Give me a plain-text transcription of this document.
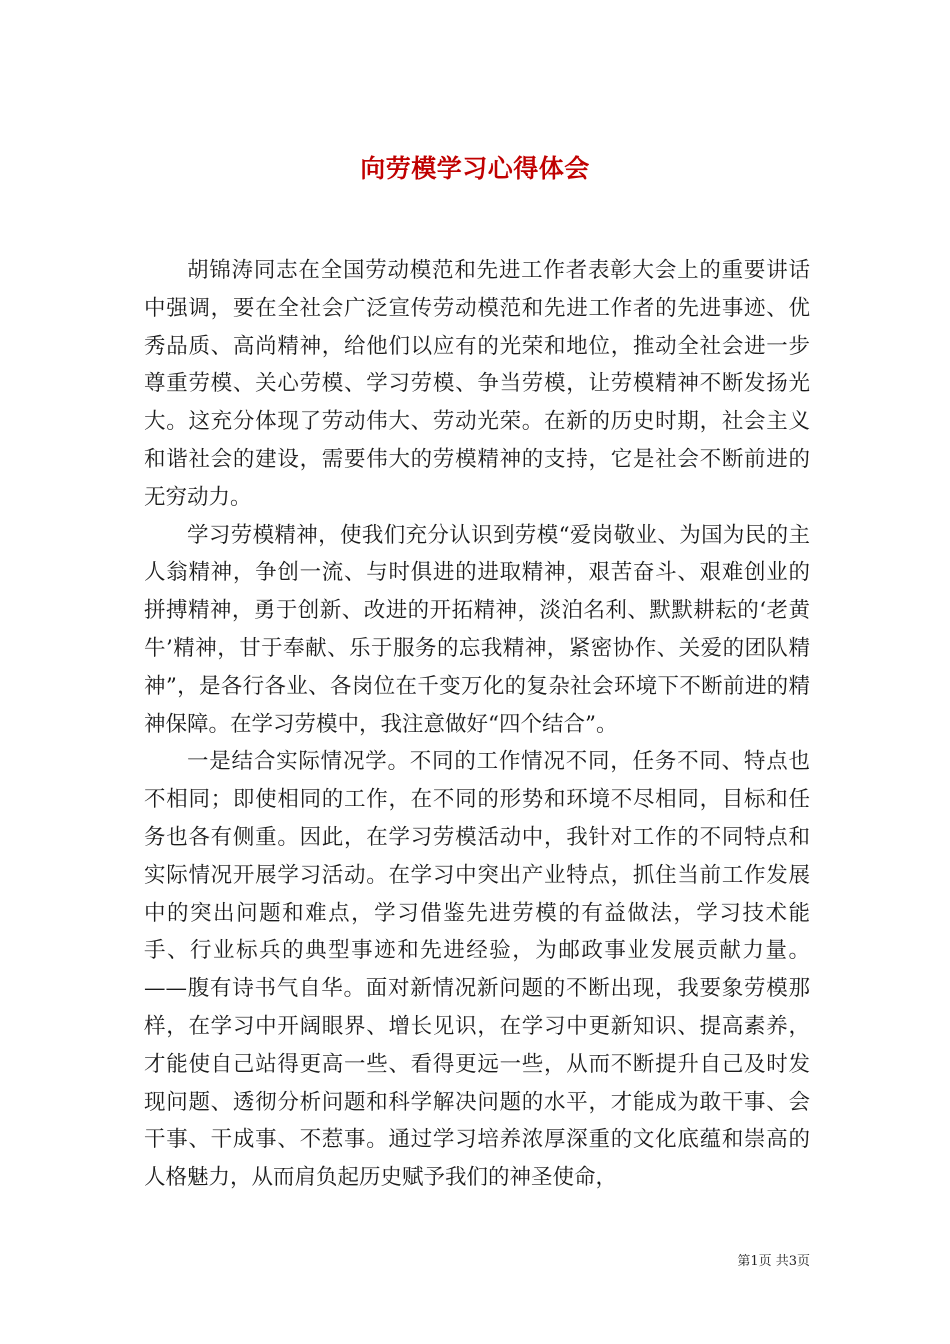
向劳模学习心得体会

胡锦涛同志在全国劳动模范和先进工作者表彰大会上的重要讲话中强调，要在全社会广泛宣传劳动模范和先进工作者的先进事迹、优秀品质、高尚精神，给他们以应有的光荣和地位，推动全社会进一步尊重劳模、关心劳模、学习劳模、争当劳模，让劳模精神不断发扬光大。这充分体现了劳动伟大、劳动光荣。在新的历史时期，社会主义和谐社会的建设，需要伟大的劳模精神的支持，它是社会不断前进的无穷动力。

学习劳模精神，使我们充分认识到劳模“爱岗敬业、为国为民的主人翁精神，争创一流、与时俱进的进取精神，艰苦奋斗、艰难创业的拼搏精神，勇于创新、改进的开拓精神，淡泊名利、默默耕耘的‘老黄牛’精神，甘于奉献、乐于服务的忘我精神，紧密协作、关爱的团队精神”，是各行各业、各岗位在千变万化的复杂社会环境下不断前进的精神保障。在学习劳模中，我注意做好“四个结合”。

一是结合实际情况学。不同的工作情况不同，任务不同、特点也不相同；即使相同的工作，在不同的形势和环境不尽相同，目标和任务也各有侧重。因此，在学习劳模活动中，我针对工作的不同特点和实际情况开展学习活动。在学习中突出产业特点，抓住当前工作发展中的突出问题和难点，学习借鉴先进劳模的有益做法，学习技术能手、行业标兵的典型事迹和先进经验，为邮政事业发展贡献力量。——腹有诗书气自华。面对新情况新问题的不断出现，我要象劳模那样，在学习中开阔眼界、增长见识，在学习中更新知识、提高素养，才能使自己站得更高一些、看得更远一些，从而不断提升自己及时发现问题、透彻分析问题和科学解决问题的水平，才能成为敢干事、会干事、干成事、不惹事。通过学习培养浓厚深重的文化底蕴和崇高的人格魅力，从而肩负起历史赋予我们的神圣使命，

第1页 共3页
